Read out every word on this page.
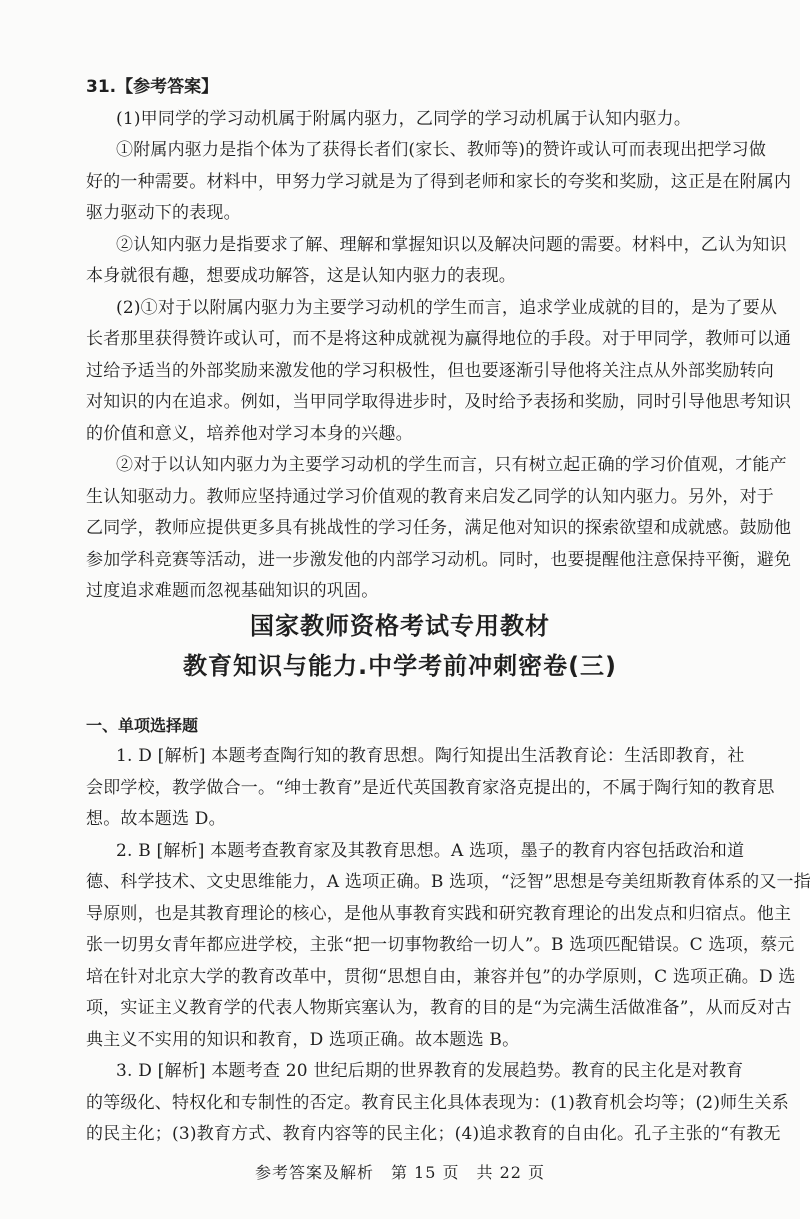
31.【参考答案】
(1)甲同学的学习动机属于附属内驱力，乙同学的学习动机属于认知内驱力。
①附属内驱力是指个体为了获得长者们(家长、教师等)的赞许或认可而表现出把学习做
好的一种需要。材料中，甲努力学习就是为了得到老师和家长的夸奖和奖励，这正是在附属内
驱力驱动下的表现。
②认知内驱力是指要求了解、理解和掌握知识以及解决问题的需要。材料中，乙认为知识
本身就很有趣，想要成功解答，这是认知内驱力的表现。
(2)①对于以附属内驱力为主要学习动机的学生而言，追求学业成就的目的，是为了要从
长者那里获得赞许或认可，而不是将这种成就视为赢得地位的手段。对于甲同学，教师可以通
过给予适当的外部奖励来激发他的学习积极性，但也要逐渐引导他将关注点从外部奖励转向
对知识的内在追求。例如，当甲同学取得进步时，及时给予表扬和奖励，同时引导他思考知识
的价值和意义，培养他对学习本身的兴趣。
②对于以认知内驱力为主要学习动机的学生而言，只有树立起正确的学习价值观，才能产
生认知驱动力。教师应坚持通过学习价值观的教育来启发乙同学的认知内驱力。另外，对于
乙同学，教师应提供更多具有挑战性的学习任务，满足他对知识的探索欲望和成就感。鼓励他
参加学科竞赛等活动，进一步激发他的内部学习动机。同时，也要提醒他注意保持平衡，避免
过度追求难题而忽视基础知识的巩固。
国家教师资格考试专用教材
教育知识与能力.中学考前冲刺密卷(三)
一、单项选择题
1. D [解析] 本题考查陶行知的教育思想。陶行知提出生活教育论：生活即教育，社
会即学校，教学做合一。“绅士教育”是近代英国教育家洛克提出的，不属于陶行知的教育思
想。故本题选 D。
2. B [解析] 本题考查教育家及其教育思想。A 选项，墨子的教育内容包括政治和道
德、科学技术、文史思维能力，A 选项正确。B 选项，“泛智”思想是夸美纽斯教育体系的又一指
导原则，也是其教育理论的核心，是他从事教育实践和研究教育理论的出发点和归宿点。他主
张一切男女青年都应进学校，主张“把一切事物教给一切人”。B 选项匹配错误。C 选项，蔡元
培在针对北京大学的教育改革中，贯彻“思想自由，兼容并包”的办学原则，C 选项正确。D 选
项，实证主义教育学的代表人物斯宾塞认为，教育的目的是“为完满生活做准备”，从而反对古
典主义不实用的知识和教育，D 选项正确。故本题选 B。
3. D [解析] 本题考查 20 世纪后期的世界教育的发展趋势。教育的民主化是对教育
的等级化、特权化和专制性的否定。教育民主化具体表现为：(1)教育机会均等；(2)师生关系
的民主化；(3)教育方式、教育内容等的民主化；(4)追求教育的自由化。孔子主张的“有教无
参考答案及解析　第 15 页　共 22 页
